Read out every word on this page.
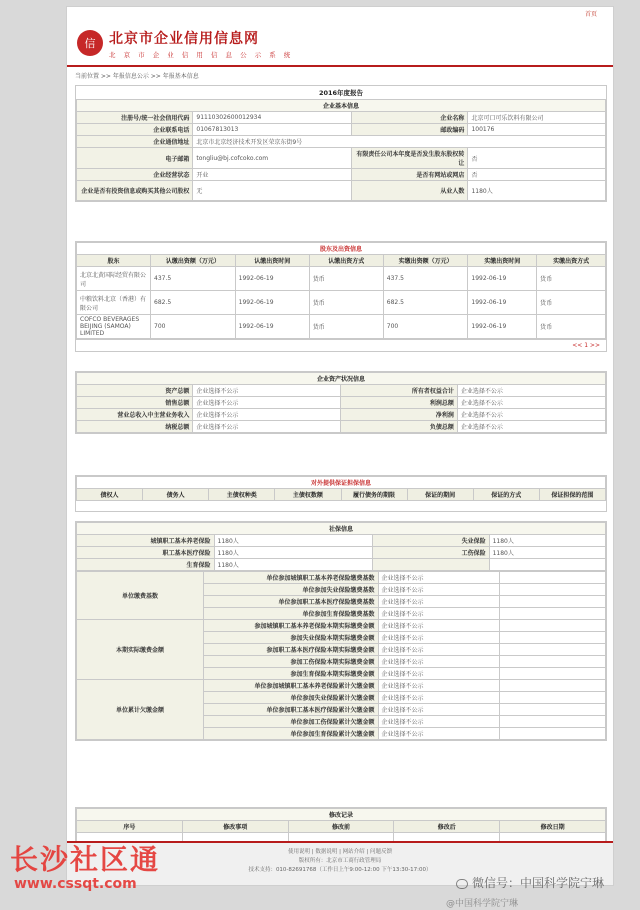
首页
信 北京市企业信用信息网
北 京 市 企 业 信 用 信 息 公 示 系 统
当前位置 >> 年报信息公示 >> 年报基本信息
2016年度报告
企业基本信息			
注册号/统一社会信用代码	91110302600012934	企业名称	北京可口可乐饮料有限公司
企业联系电话	01067813013	邮政编码	100176
企业通信地址	北京市北京经济技术开发区荣京东街9号		
电子邮箱	tongliu@bj.cofcoko.com	有限责任公司本年度是否发生股东股权转让	否
企业经营状态	开业	是否有网站或网店	否
企业是否有投资信息或购买其他公司股权	无	从业人数	1180人
股东及出资信息						
股东	认缴出资额（万元）	认缴出资时间	认缴出资方式	实缴出资额（万元）	实缴出资时间	实缴出资方式
北京北黄国际经贸有限公司	437.5	1992-06-19	货币	437.5	1992-06-19	货币
中粮饮料北京（香港）有限公司	682.5	1992-06-19	货币	682.5	1992-06-19	货币
COFCO BEVERAGES BEIJING (SAMOA) LIMITED	700	1992-06-19	货币	700	1992-06-19	货币
<< 1 >>
企业资产状况信息			
资产总额	企业选择不公示	所有者权益合计	企业选择不公示
销售总额	企业选择不公示	利润总额	企业选择不公示
营业总收入中主营业务收入	企业选择不公示	净利润	企业选择不公示
纳税总额	企业选择不公示	负债总额	企业选择不公示
对外提供保证担保信息
债权人	债务人	主债权种类	主债权数额	履行债务的期限	保证的期间	保证的方式	保证担保的范围
社保信息			
城镇职工基本养老保险	1180人	失业保险	1180人
职工基本医疗保险	1180人	工伤保险	1180人
生育保险	1180人		
单位缴费基数	单位参加城镇职工基本养老保险缴费基数	企业选择不公示	
	单位参加失业保险缴费基数	企业选择不公示	
	单位参加职工基本医疗保险缴费基数	企业选择不公示	
	单位参加生育保险缴费基数	企业选择不公示	
本期实际缴费金额	参加城镇职工基本养老保险本期实际缴费金额	企业选择不公示	
	参加失业保险本期实际缴费金额	企业选择不公示	
	参加职工基本医疗保险本期实际缴费金额	企业选择不公示	
	参加工伤保险本期实际缴费金额	企业选择不公示	
	参加生育保险本期实际缴费金额	企业选择不公示	
单位累计欠缴金额	单位参加城镇职工基本养老保险累计欠缴金额	企业选择不公示	
	单位参加失业保险累计欠缴金额	企业选择不公示	
	单位参加职工基本医疗保险累计欠缴金额	企业选择不公示	
	单位参加工伤保险累计欠缴金额	企业选择不公示	
	单位参加生育保险累计欠缴金额	企业选择不公示	
修改记录				
序号	修改事项	修改前	修改后	修改日期

使用说明 | 数据说明 | 网站介绍 | 问题反馈
版权所有：北京市工商行政管理局
技术支持：010-82691768（工作日上午9:00-12:00 下午13:30-17:00）
长沙社区通
www.cssqt.com	微信号：中国科学院宁琳
@中国科学院宁琳
